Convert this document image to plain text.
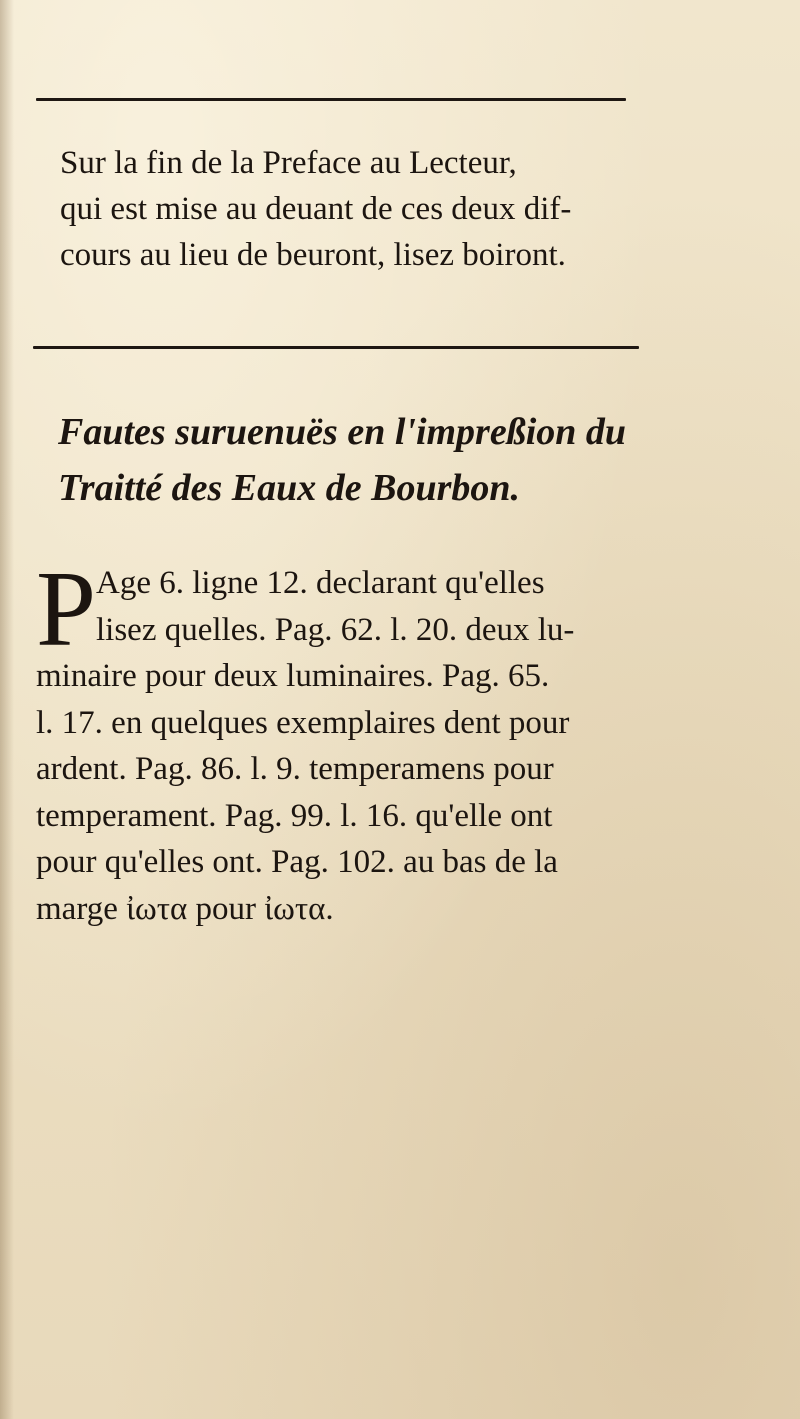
Sur la fin de la Preface au Lecteur,
qui est mise au deuant de ces deux dif-
cours au lieu de beuront, lisez boiront.
Fautes suruenuës en l'impreßion du
Traitté des Eaux de Bourbon.
P Age 6. ligne 12. declarant qu'elles
lisez quelles. Pag. 62. l. 20. deux lu-
minaire pour deux luminaires. Pag. 65.
l. 17. en quelques exemplaires dent pour
ardent. Pag. 86. l. 9. temperamens pour
temperament. Pag. 99. l. 16. qu'elle ont
pour qu'elles ont. Pag. 102. au bas de la
marge ἰωτα pour ἰωτα.
